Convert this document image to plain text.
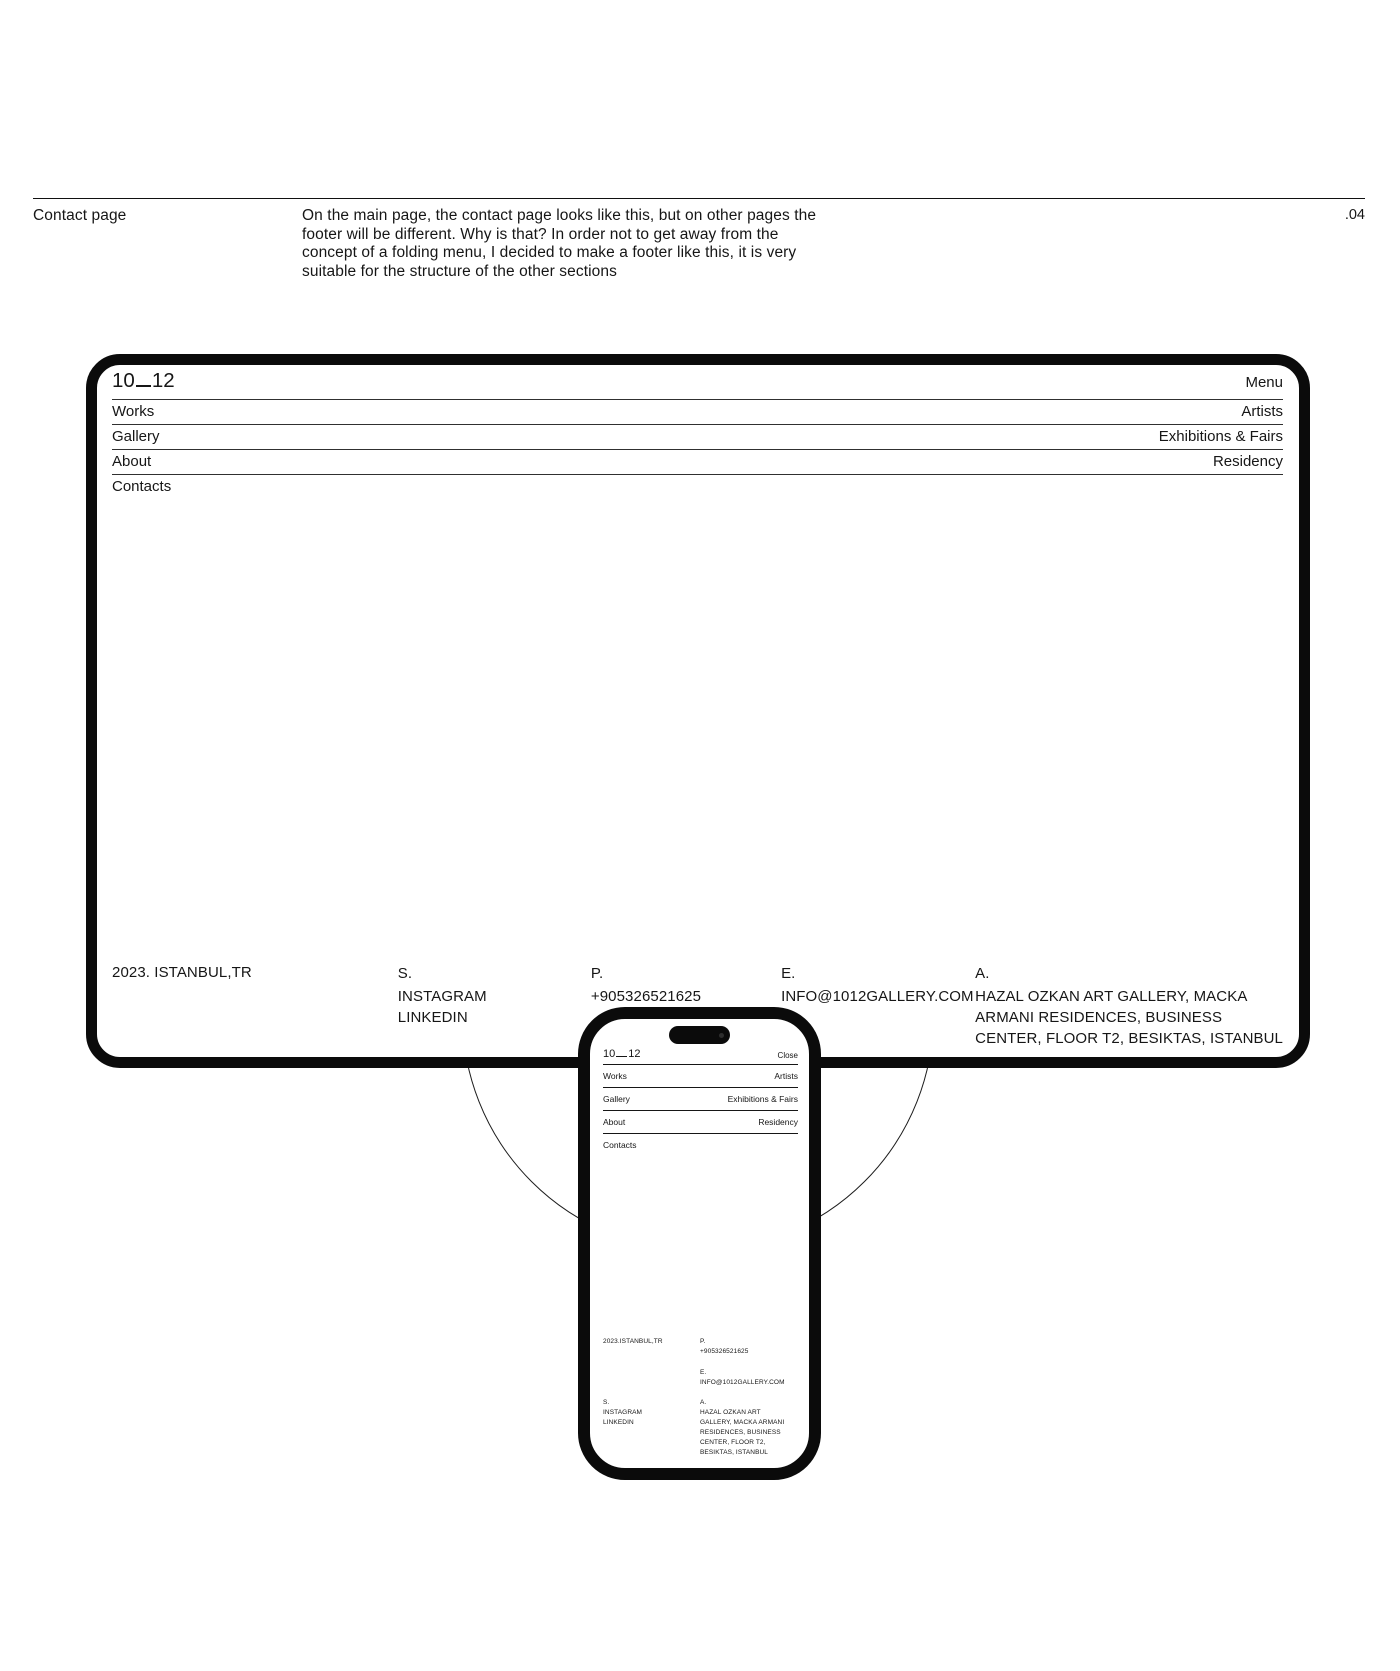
Contact page	On the main page, the contact page looks like this, but on other pages the footer will be different. Why is that? In order not to get away from the concept of a folding menu, I decided to make a footer like this, it is very suitable for the structure of the other sections

.04
10 12	Menu
Works	Artists
Gallery	Exhibitions & Fairs
About	Residency
Contacts
2023. ISTANBUL,TR	S.
INSTAGRAM
LINKEDIN
P.
+905326521625
E.
INFO@1012GALLERY.COM
A.
HAZAL OZKAN ART GALLERY, MACKA
ARMANI RESIDENCES, BUSINESS
CENTER, FLOOR T2, BESIKTAS, ISTANBUL
10 12	Close
Works	Artists
Gallery	Exhibitions & Fairs
About	Residency
Contacts
2023.ISTANBUL,TR	P.
+905326521625
E.
INFO@1012GALLERY.COM
S.
INSTAGRAM
LINKEDIN
A.
HAZAL OZKAN ART
GALLERY, MACKA ARMANI
RESIDENCES, BUSINESS
CENTER, FLOOR T2,
BESIKTAS, ISTANBUL
